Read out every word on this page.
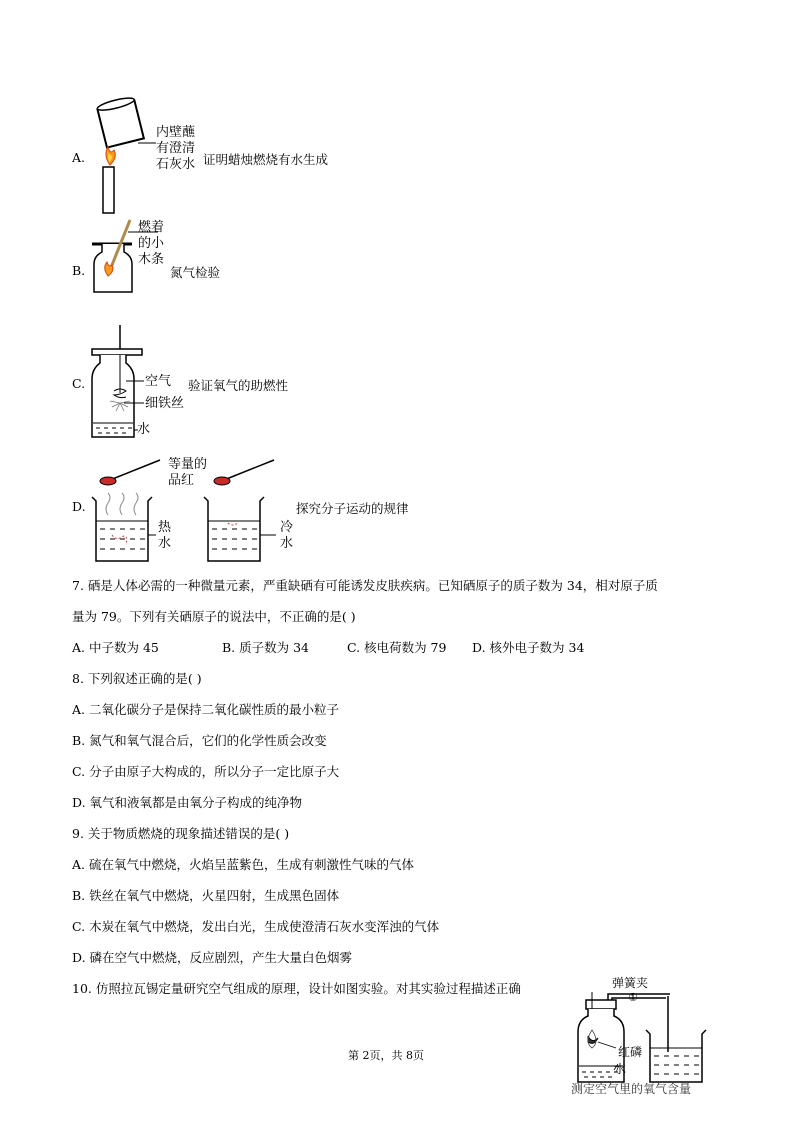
A.
内壁蘸
有澄清
石灰水 证明蜡烛燃烧有水生成
B.
燃着
的小
木条
氮气检验
C.	空气
细铁丝
水
验证氧气的助燃性
D.
等量的
品红
热
水
冷
水
探究分子运动的规律
7. 硒是人体必需的一种微量元素，严重缺硒有可能诱发皮肤疾病。已知硒原子的质子数为 34，相对原子质
量为 79。下列有关硒原子的说法中，不正确的是( )
A. 中子数为 45	B. 质子数为 34	C. 核电荷数为 79 D. 核外电子数为 34
8. 下列叙述正确的是( )
A. 二氧化碳分子是保持二氧化碳性质的最小粒子
B. 氮气和氧气混合后，它们的化学性质会改变
C. 分子由原子大构成的，所以分子一定比原子大
D. 氧气和液氧都是由氧分子构成的纯净物
9. 关于物质燃烧的现象描述错误的是( )
A. 硫在氧气中燃烧，火焰呈蓝紫色，生成有刺激性气味的气体
B. 铁丝在氧气中燃烧，火星四射，生成黑色固体
C. 木炭在氧气中燃烧，发出白光，生成使澄清石灰水变浑浊的气体
D. 磷在空气中燃烧，反应剧烈，产生大量白色烟雾
10. 仿照拉瓦锡定量研究空气组成的原理，设计如图实验。对其实验过程描述正确	弹簧夹
①
红磷
水
测定空气里的氧气含量
第 2页，共 8页
